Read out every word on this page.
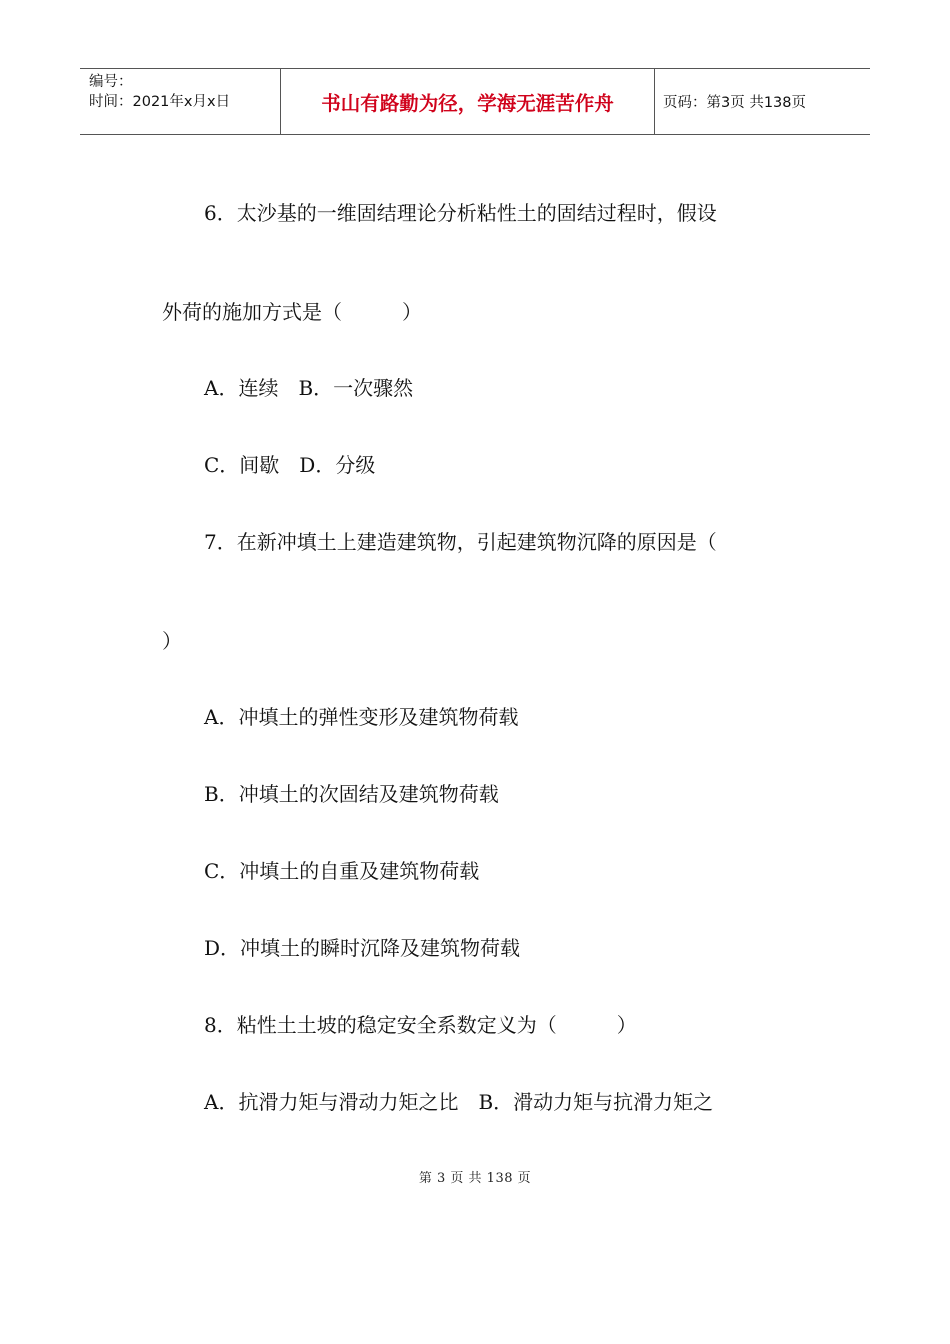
编号：
时间：2021年x月x日	书山有路勤为径，学海无涯苦作舟	页码：第3页 共138页
6．太沙基的一维固结理论分析粘性土的固结过程时，假设
外荷的施加方式是（　　　）
A．连续　B．一次骤然
C．间歇　D．分级
7．在新冲填土上建造建筑物，引起建筑物沉降的原因是（
）
A．冲填土的弹性变形及建筑物荷载
B．冲填土的次固结及建筑物荷载
C．冲填土的自重及建筑物荷载
D．冲填土的瞬时沉降及建筑物荷载
8．粘性土土坡的稳定安全系数定义为（　　　）
A．抗滑力矩与滑动力矩之比　B．滑动力矩与抗滑力矩之
第 3 页 共 138 页
